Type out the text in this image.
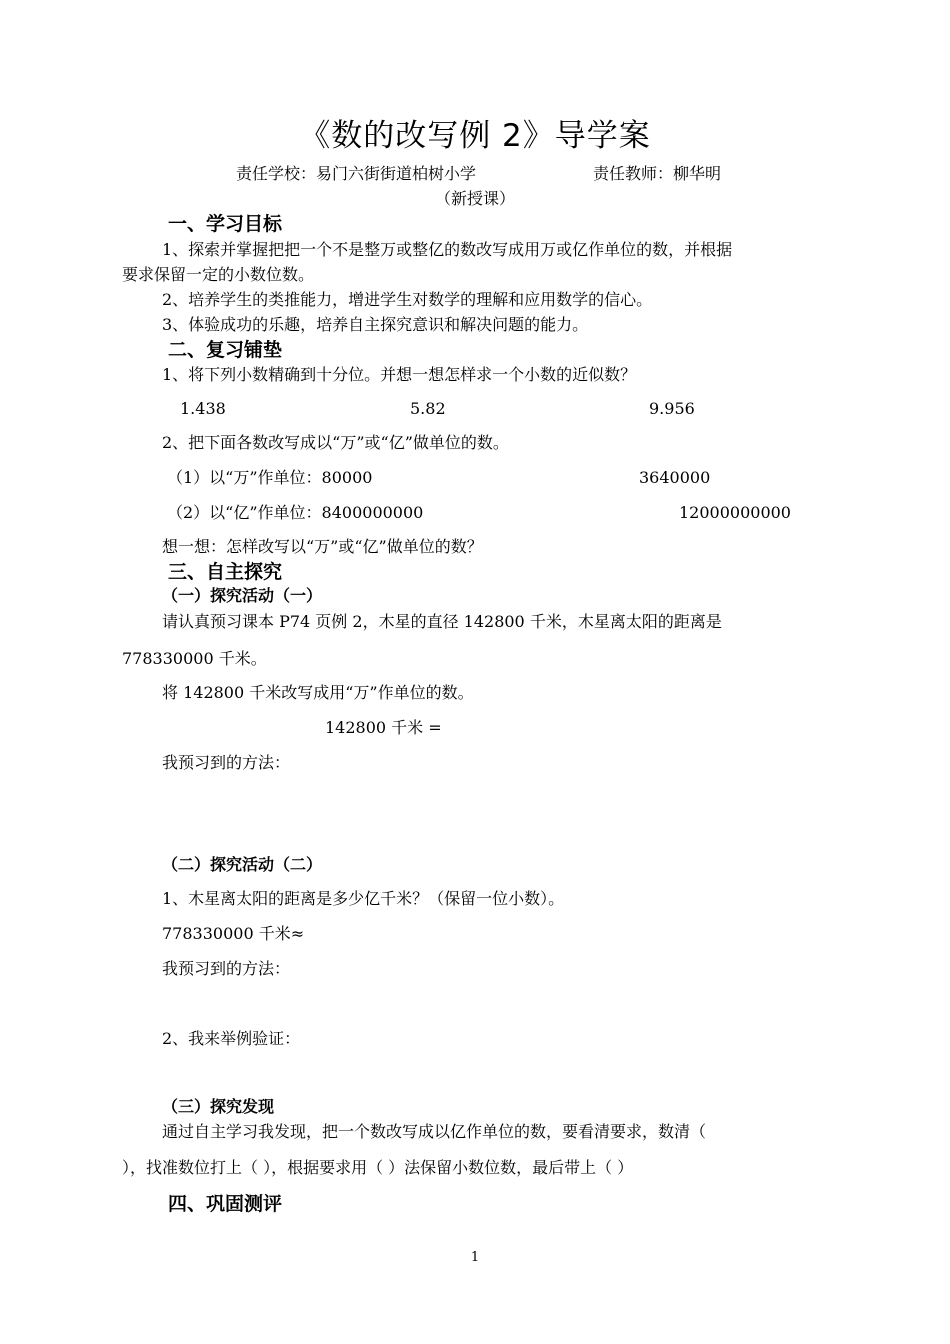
《数的改写例 2》导学案
责任学校：易门六街街道柏树小学	责任教师：柳华明
（新授课）
一、学习目标
1、探索并掌握把把一个不是整万或整亿的数改写成用万或亿作单位的数，并根据
要求保留一定的小数位数。
2、培养学生的类推能力，增进学生对数学的理解和应用数学的信心。
3、体验成功的乐趣，培养自主探究意识和解决问题的能力。
二、复习铺垫
1、将下列小数精确到十分位。并想一想怎样求一个小数的近似数？
1.438	5.82	9.956
2、把下面各数改写成以“万”或“亿”做单位的数。
（1）以“万”作单位：80000	3640000
（2）以“亿”作单位：8400000000	12000000000
想一想：怎样改写以“万”或“亿”做单位的数？
三、自主探究
（一）探究活动（一）
请认真预习课本 P74 页例 2，木星的直径 142800 千米，木星离太阳的距离是
778330000 千米。
将 142800 千米改写成用“万”作单位的数。
142800 千米 =
我预习到的方法：
（二）探究活动（二）
1、木星离太阳的距离是多少亿千米？（保留一位小数）。
778330000 千米≈
我预习到的方法：
2、我来举例验证：
（三）探究发现
通过自主学习我发现，把一个数改写成以亿作单位的数，要看清要求，数清（
），找准数位打上（ ），根据要求用（ ）法保留小数位数，最后带上（ ）
四、巩固测评
1
